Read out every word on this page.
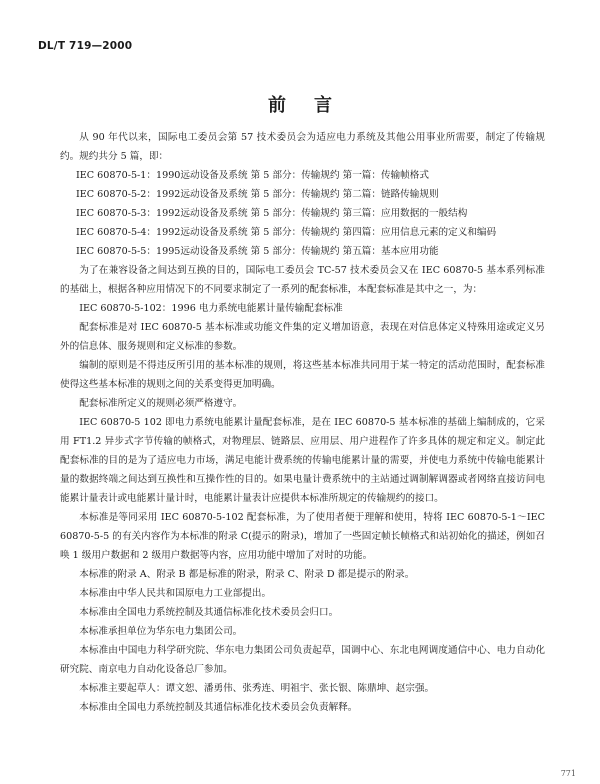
DL/T 719—2000
前 言

从 90 年代以来，国际电工委员会第 57 技术委员会为适应电力系统及其他公用事业所需要，制定了传输规约。规约共分 5 篇，即：

IEC 60870-5-1：1990 远动设备及系统 第 5 部分：传输规约 第一篇：传输帧格式
IEC 60870-5-2：1992 远动设备及系统 第 5 部分：传输规约 第二篇：链路传输规则
IEC 60870-5-3：1992 远动设备及系统 第 5 部分：传输规约 第三篇：应用数据的一般结构
IEC 60870-5-4：1992 远动设备及系统 第 5 部分：传输规约 第四篇：应用信息元素的定义和编码
IEC 60870-5-5：1995 远动设备及系统 第 5 部分：传输规约 第五篇：基本应用功能

为了在兼容设备之间达到互换的目的，国际电工委员会 TC-57 技术委员会又在 IEC 60870-5 基本系列标准的基础上，根据各种应用情况下的不同要求制定了一系列的配套标准，本配套标准是其中之一，为：

IEC 60870-5-102：1996 电力系统电能累计量传输配套标准

配套标准是对 IEC 60870-5 基本标准或功能文件集的定义增加语意，表现在对信息体定义特殊用途或定义另外的信息体、服务规则和定义标准的参数。

编制的原则是不得违反所引用的基本标准的规则，将这些基本标准共同用于某一特定的活动范围时，配套标准使得这些基本标准的规则之间的关系变得更加明确。

配套标准所定义的规则必须严格遵守。

IEC 60870-5 102 即电力系统电能累计量配套标准，是在 IEC 60870-5 基本标准的基础上编制成的，它采用 FT1.2 异步式字节传输的帧格式，对物理层、链路层、应用层、用户进程作了许多具体的规定和定义。制定此配套标准的目的是为了适应电力市场，满足电能计费系统的传输电能累计量的需要，并使电力系统中传输电能累计量的数据终端之间达到互换性和互操作性的目的。如果电量计费系统中的主站通过调制解调器或者网络直接访问电能累计量表计或电能累计量计时，电能累计量表计应提供本标准所规定的传输规约的接口。

本标准是等同采用 IEC 60870-5-102 配套标准，为了使用者便于理解和使用，特将 IEC 60870-5-1～IEC 60870-5-5 的有关内容作为本标准的附录 C(提示的附录)，增加了一些固定帧长帧格式和站初始化的描述，例如召唤 1 级用户数据和 2 级用户数据等内容，应用功能中增加了对时的功能。

本标准的附录 A、附录 B 都是标准的附录，附录 C、附录 D 都是提示的附录。

本标准由中华人民共和国原电力工业部提出。

本标准由全国电力系统控制及其通信标准化技术委员会归口。

本标准承担单位为华东电力集团公司。

本标准由中国电力科学研究院、华东电力集团公司负责起草，国调中心、东北电网调度通信中心、电力自动化研究院、南京电力自动化设备总厂参加。

本标准主要起草人：谭文恕、潘勇伟、张秀连、明祖宇、张长银、陈鼎坤、赵宗强。

本标准由全国电力系统控制及其通信标准化技术委员会负责解释。

771
